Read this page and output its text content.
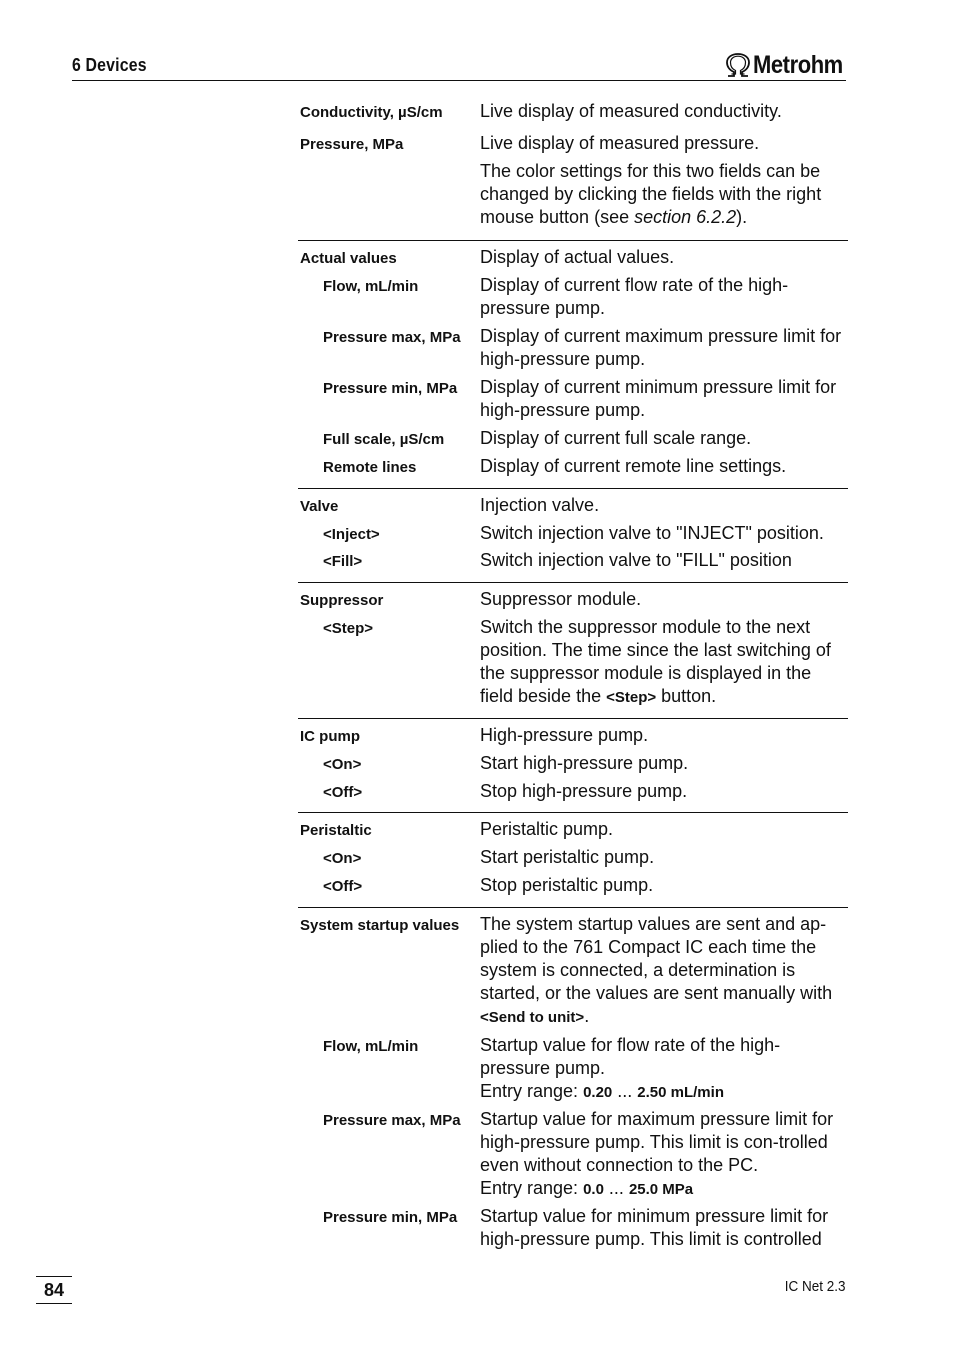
6 Devices	Metrohm
Conductivity, µS/cm	Live display of measured conductivity.
Pressure, MPa	Live display of measured pressure.

The color settings for this two fields can be changed by clicking the fields with the right mouse button (see section 6.2.2).

Actual values	Display of actual values.
Flow, mL/min	Display of current flow rate of the high-pressure pump.
Pressure max, MPa	Display of current maximum pressure limit for high-pressure pump.
Pressure min, MPa	Display of current minimum pressure limit for high-pressure pump.
Full scale, µS/cm	Display of current full scale range.
Remote lines	Display of current remote line settings.
Valve	Injection valve.
<Inject>	Switch injection valve to "INJECT" position.
<Fill>	Switch injection valve to "FILL" position
Suppressor	Suppressor module.
<Step>	Switch the suppressor module to the next position. The time since the last switching of the suppressor module is displayed in the field beside the <Step> button.
IC pump	High-pressure pump.
<On>	Start high-pressure pump.
<Off>	Stop high-pressure pump.
Peristaltic	Peristaltic pump.
<On>	Start peristaltic pump.
<Off>	Stop peristaltic pump.
System startup values	The system startup values are sent and ap-plied to the 761 Compact IC each time the system is connected, a determination is started, or the values are sent manually with <Send to unit>.
Flow, mL/min	Startup value for flow rate of the high-pressure pump.
Entry range: 0.20 ... 2.50 mL/min
Pressure max, MPa	Startup value for maximum pressure limit for high-pressure pump. This limit is con-trolled even without connection to the PC.
Entry range: 0.0 ... 25.0 MPa
Pressure min, MPa	Startup value for minimum pressure limit for high-pressure pump. This limit is controlled
84	IC Net 2.3
